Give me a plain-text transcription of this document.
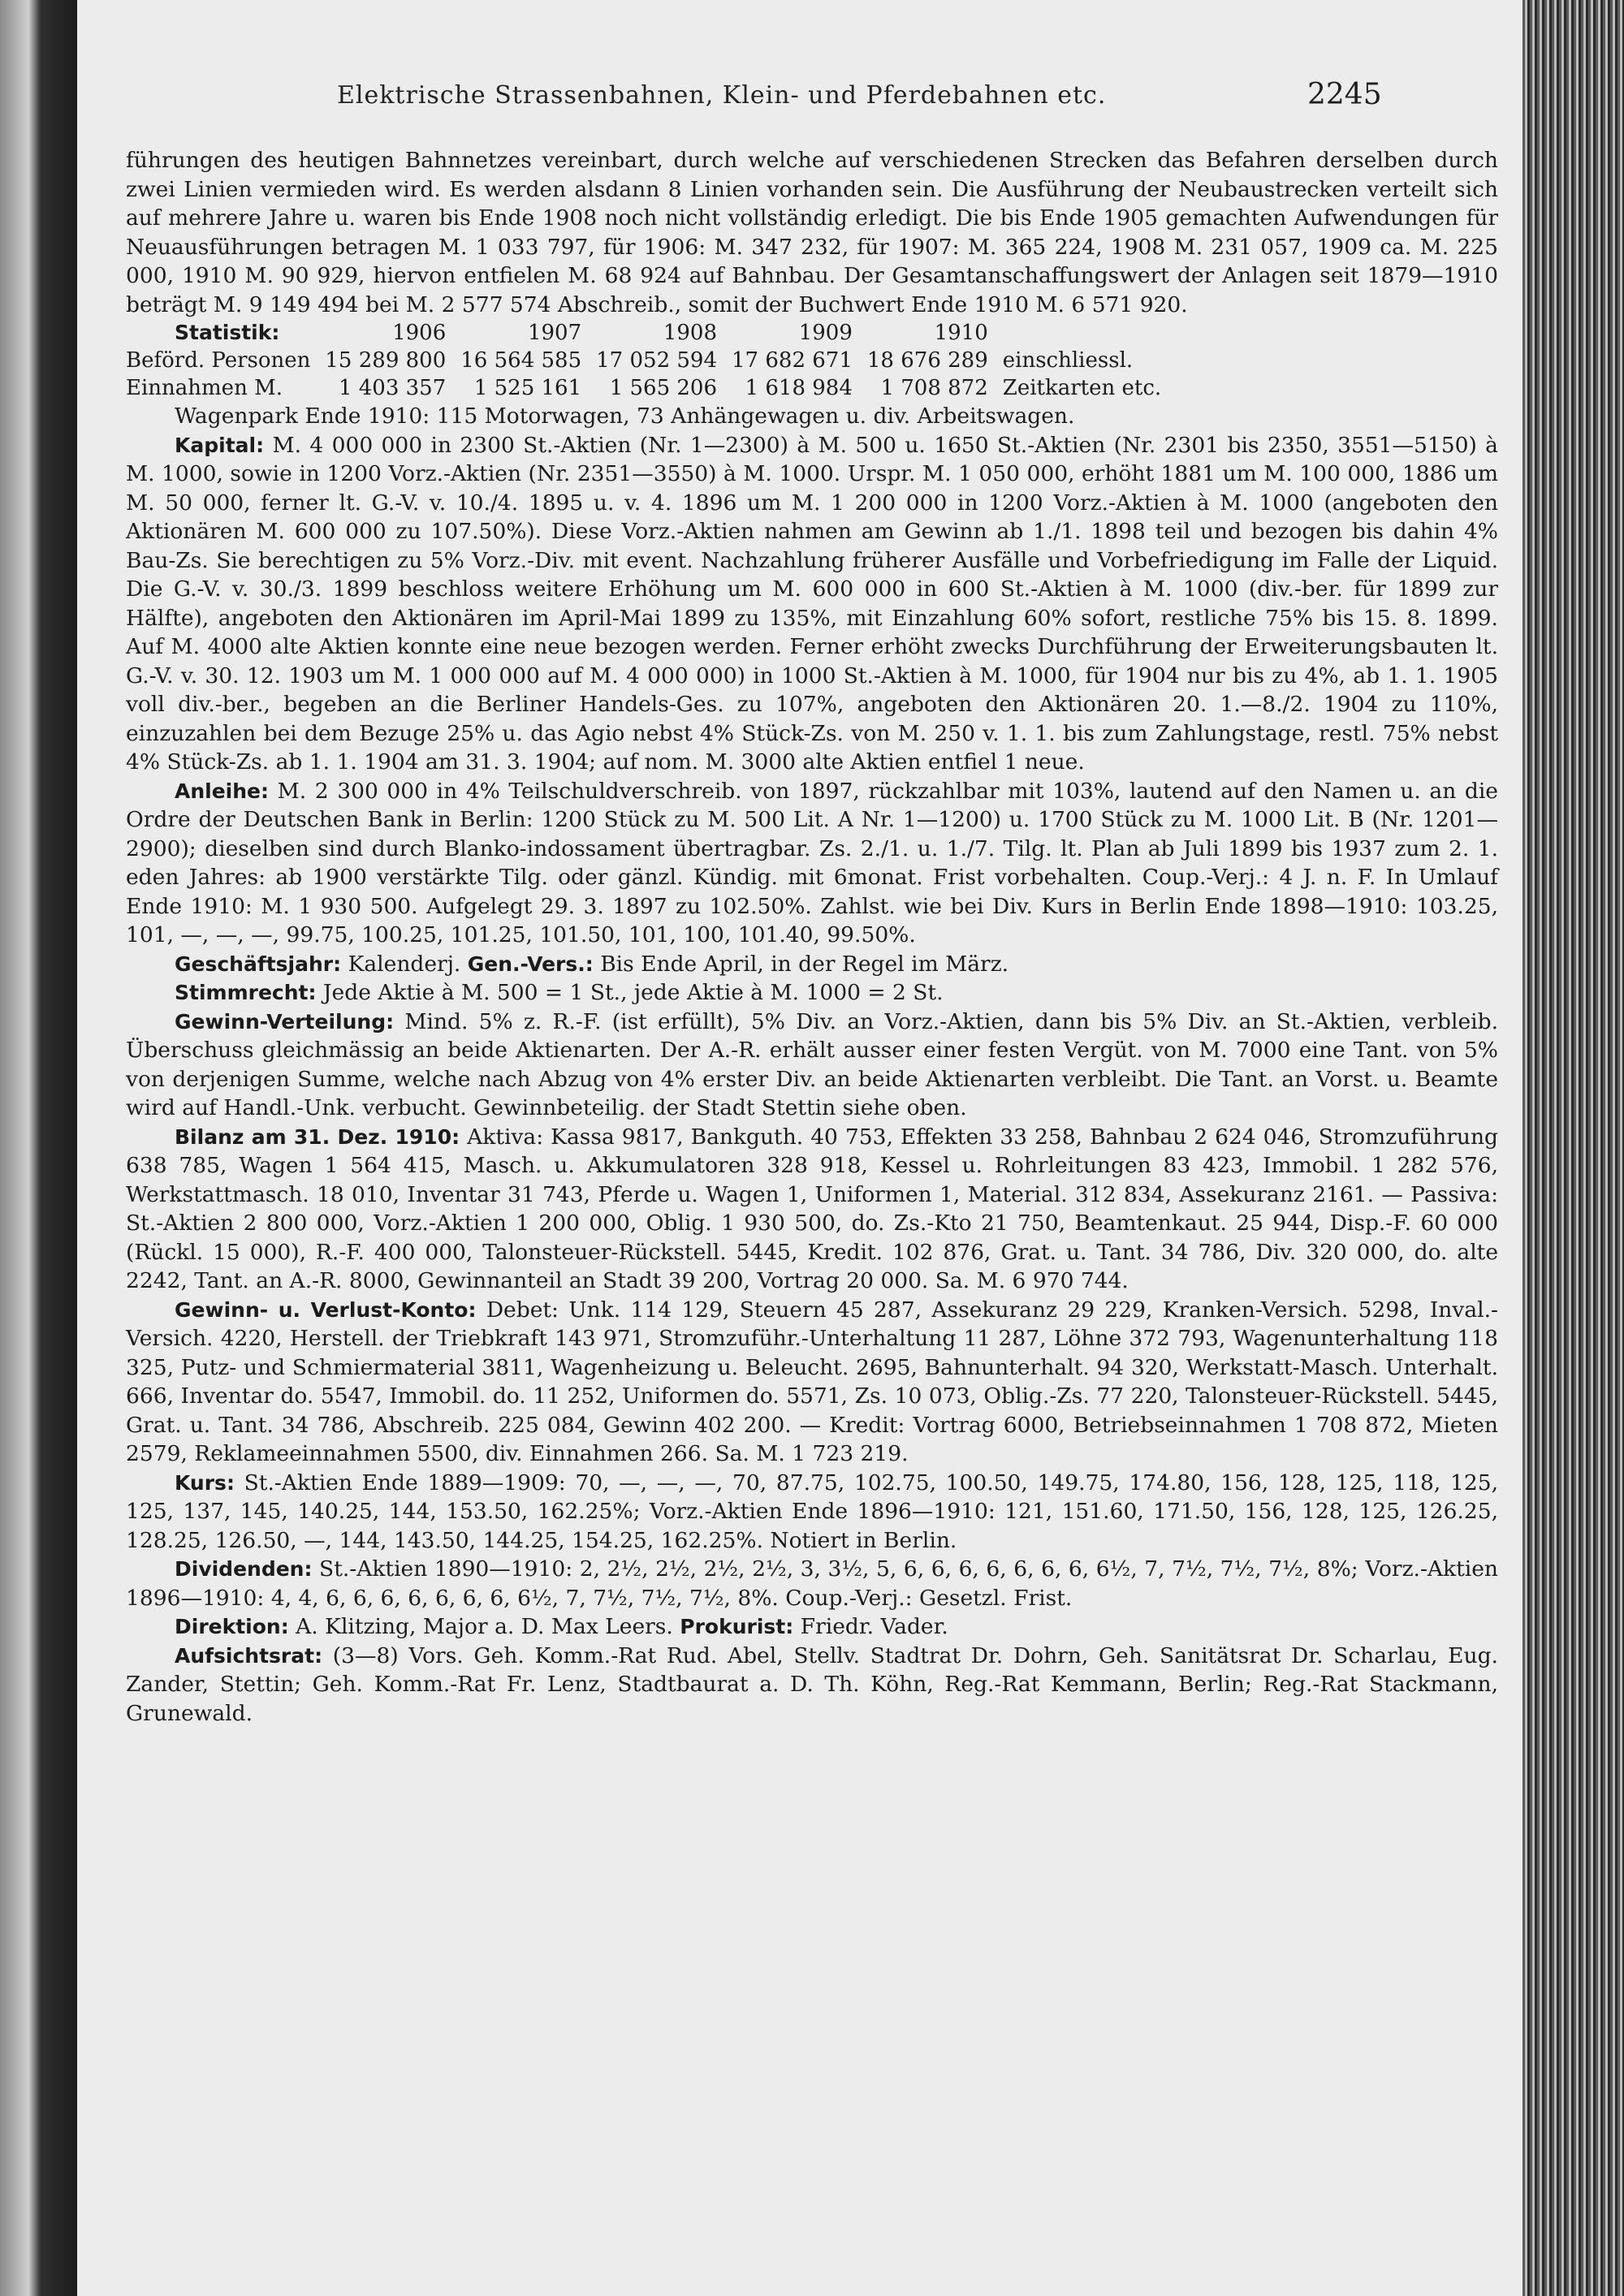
Elektrische Strassenbahnen, Klein- und Pferdebahnen etc.	2245

führungen des heutigen Bahnnetzes vereinbart, durch welche auf verschiedenen Strecken das Befahren derselben durch zwei Linien vermieden wird. Es werden alsdann 8 Linien vorhanden sein. Die Ausführung der Neubaustrecken verteilt sich auf mehrere Jahre u. waren bis Ende 1908 noch nicht vollständig erledigt. Die bis Ende 1905 gemachten Aufwendungen für Neuausführungen betragen M. 1 033 797, für 1906: M. 347 232, für 1907: M. 365 224, 1908 M. 231 057, 1909 ca. M. 225 000, 1910 M. 90 929, hiervon entfielen M. 68 924 auf Bahnbau. Der Gesamtanschaffungswert der Anlagen seit 1879—1910 beträgt M. 9 149 494 bei M. 2 577 574 Abschreib., somit der Buchwert Ende 1910 M. 6 571 920.

Statistik:	1906	1907	1908	1909	1910	
Beförd. Personen	15 289 800	16 564 585	17 052 594	17 682 671	18 676 289	einschliessl.
Einnahmen M.	1 403 357	1 525 161	1 565 206	1 618 984	1 708 872	Zeitkarten etc.

Wagenpark Ende 1910: 115 Motorwagen, 73 Anhängewagen u. div. Arbeitswagen.

Kapital: M. 4 000 000 in 2300 St.-Aktien (Nr. 1—2300) à M. 500 u. 1650 St.-Aktien (Nr. 2301 bis 2350, 3551—5150) à M. 1000, sowie in 1200 Vorz.-Aktien (Nr. 2351—3550) à M. 1000. Urspr. M. 1 050 000, erhöht 1881 um M. 100 000, 1886 um M. 50 000, ferner lt. G.-V. v. 10./4. 1895 u. v. 4. 1896 um M. 1 200 000 in 1200 Vorz.-Aktien à M. 1000 (angeboten den Aktionären M. 600 000 zu 107.50%). Diese Vorz.-Aktien nahmen am Gewinn ab 1./1. 1898 teil und bezogen bis dahin 4% Bau-Zs. Sie berechtigen zu 5% Vorz.-Div. mit event. Nachzahlung früherer Ausfälle und Vorbefriedigung im Falle der Liquid. Die G.-V. v. 30./3. 1899 beschloss weitere Erhöhung um M. 600 000 in 600 St.-Aktien à M. 1000 (div.-ber. für 1899 zur Hälfte), angeboten den Aktionären im April-Mai 1899 zu 135%, mit Einzahlung 60% sofort, restliche 75% bis 15. 8. 1899. Auf M. 4000 alte Aktien konnte eine neue bezogen werden. Ferner erhöht zwecks Durchführung der Erweiterungsbauten lt. G.-V. v. 30. 12. 1903 um M. 1 000 000 auf M. 4 000 000) in 1000 St.-Aktien à M. 1000, für 1904 nur bis zu 4%, ab 1. 1. 1905 voll div.-ber., begeben an die Berliner Handels-Ges. zu 107%, angeboten den Aktionären 20. 1.—8./2. 1904 zu 110%, einzuzahlen bei dem Bezuge 25% u. das Agio nebst 4% Stück-Zs. von M. 250 v. 1. 1. bis zum Zahlungstage, restl. 75% nebst 4% Stück-Zs. ab 1. 1. 1904 am 31. 3. 1904; auf nom. M. 3000 alte Aktien entfiel 1 neue.

Anleihe: M. 2 300 000 in 4% Teilschuldverschreib. von 1897, rückzahlbar mit 103%, lautend auf den Namen u. an die Ordre der Deutschen Bank in Berlin: 1200 Stück zu M. 500 Lit. A Nr. 1—1200) u. 1700 Stück zu M. 1000 Lit. B (Nr. 1201—2900); dieselben sind durch Blanko-indossament übertragbar. Zs. 2./1. u. 1./7. Tilg. lt. Plan ab Juli 1899 bis 1937 zum 2. 1. eden Jahres: ab 1900 verstärkte Tilg. oder gänzl. Kündig. mit 6monat. Frist vorbehalten. Coup.-Verj.: 4 J. n. F. In Umlauf Ende 1910: M. 1 930 500. Aufgelegt 29. 3. 1897 zu 102.50%. Zahlst. wie bei Div. Kurs in Berlin Ende 1898—1910: 103.25, 101, —, —, —, 99.75, 100.25, 101.25, 101.50, 101, 100, 101.40, 99.50%.

Geschäftsjahr: Kalenderj. Gen.-Vers.: Bis Ende April, in der Regel im März.

Stimmrecht: Jede Aktie à M. 500 = 1 St., jede Aktie à M. 1000 = 2 St.

Gewinn-Verteilung: Mind. 5% z. R.-F. (ist erfüllt), 5% Div. an Vorz.-Aktien, dann bis 5% Div. an St.-Aktien, verbleib. Überschuss gleichmässig an beide Aktienarten. Der A.-R. erhält ausser einer festen Vergüt. von M. 7000 eine Tant. von 5% von derjenigen Summe, welche nach Abzug von 4% erster Div. an beide Aktienarten verbleibt. Die Tant. an Vorst. u. Beamte wird auf Handl.-Unk. verbucht. Gewinnbeteilig. der Stadt Stettin siehe oben.

Bilanz am 31. Dez. 1910: Aktiva: Kassa 9817, Bankguth. 40 753, Effekten 33 258, Bahnbau 2 624 046, Stromzuführung 638 785, Wagen 1 564 415, Masch. u. Akkumulatoren 328 918, Kessel u. Rohrleitungen 83 423, Immobil. 1 282 576, Werkstattmasch. 18 010, Inventar 31 743, Pferde u. Wagen 1, Uniformen 1, Material. 312 834, Assekuranz 2161. — Passiva: St.-Aktien 2 800 000, Vorz.-Aktien 1 200 000, Oblig. 1 930 500, do. Zs.-Kto 21 750, Beamtenkaut. 25 944, Disp.-F. 60 000 (Rückl. 15 000), R.-F. 400 000, Talonsteuer-Rückstell. 5445, Kredit. 102 876, Grat. u. Tant. 34 786, Div. 320 000, do. alte 2242, Tant. an A.-R. 8000, Gewinnanteil an Stadt 39 200, Vortrag 20 000. Sa. M. 6 970 744.

Gewinn- u. Verlust-Konto: Debet: Unk. 114 129, Steuern 45 287, Assekuranz 29 229, Kranken-Versich. 5298, Inval.-Versich. 4220, Herstell. der Triebkraft 143 971, Stromzuführ.-Unterhaltung 11 287, Löhne 372 793, Wagenunterhaltung 118 325, Putz- und Schmiermaterial 3811, Wagenheizung u. Beleucht. 2695, Bahnunterhalt. 94 320, Werkstatt-Masch. Unterhalt. 666, Inventar do. 5547, Immobil. do. 11 252, Uniformen do. 5571, Zs. 10 073, Oblig.-Zs. 77 220, Talonsteuer-Rückstell. 5445, Grat. u. Tant. 34 786, Abschreib. 225 084, Gewinn 402 200. — Kredit: Vortrag 6000, Betriebseinnahmen 1 708 872, Mieten 2579, Reklameeinnahmen 5500, div. Einnahmen 266. Sa. M. 1 723 219.

Kurs: St.-Aktien Ende 1889—1909: 70, —, —, —, 70, 87.75, 102.75, 100.50, 149.75, 174.80, 156, 128, 125, 118, 125, 125, 137, 145, 140.25, 144, 153.50, 162.25%; Vorz.-Aktien Ende 1896—1910: 121, 151.60, 171.50, 156, 128, 125, 126.25, 128.25, 126.50, —, 144, 143.50, 144.25, 154.25, 162.25%. Notiert in Berlin.

Dividenden: St.-Aktien 1890—1910: 2, 2½, 2½, 2½, 2½, 3, 3½, 5, 6, 6, 6, 6, 6, 6, 6, 6½, 7, 7½, 7½, 7½, 8%; Vorz.-Aktien 1896—1910: 4, 4, 6, 6, 6, 6, 6, 6, 6, 6½, 7, 7½, 7½, 7½, 8%. Coup.-Verj.: Gesetzl. Frist.

Direktion: A. Klitzing, Major a. D. Max Leers. Prokurist: Friedr. Vader.

Aufsichtsrat: (3—8) Vors. Geh. Komm.-Rat Rud. Abel, Stellv. Stadtrat Dr. Dohrn, Geh. Sanitätsrat Dr. Scharlau, Eug. Zander, Stettin; Geh. Komm.-Rat Fr. Lenz, Stadtbaurat a. D. Th. Köhn, Reg.-Rat Kemmann, Berlin; Reg.-Rat Stackmann, Grunewald.
